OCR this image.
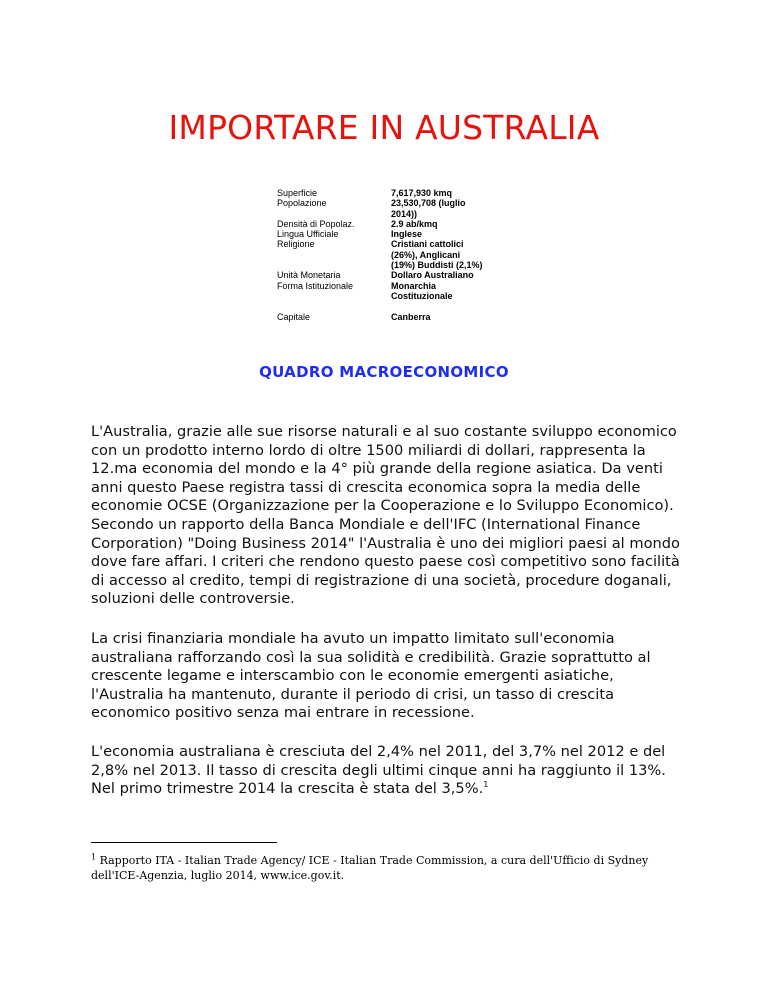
IMPORTARE IN AUSTRALIA
Superficie	7,617,930 kmq
Popolazione	23,530,708 (luglio
2014))
Densità di Popolaz.	2.9 ab/kmq
Lingua Ufficiale	Inglese
Religione	Cristiani cattolici
(26%), Anglicani
(19%) Buddisti (2,1%)
Unità Monetaria	Dollaro Australiano
Forma Istituzionale	Monarchia
Costituzionale
Capitale	Canberra
QUADRO MACROECONOMICO
L'Australia, grazie alle sue risorse naturali e al suo costante sviluppo economico con un prodotto interno lordo di oltre 1500 miliardi di dollari, rappresenta la 12.ma economia del mondo e la 4° più grande della regione asiatica. Da venti anni questo Paese registra tassi di crescita economica sopra la media delle economie OCSE (Organizzazione per la Cooperazione e lo Sviluppo Economico).
Secondo un rapporto della Banca Mondiale e dell'IFC (International Finance Corporation) "Doing Business 2014" l'Australia è uno dei migliori paesi al mondo dove fare affari. I criteri che rendono questo paese così competitivo sono facilità di accesso al credito, tempi di registrazione di una società, procedure doganali, soluzioni delle controversie.

La crisi finanziaria mondiale ha avuto un impatto limitato sull'economia australiana rafforzando così la sua solidità e credibilità. Grazie soprattutto al crescente legame e interscambio con le economie emergenti asiatiche, l'Australia ha mantenuto, durante il periodo di crisi, un tasso di crescita economico positivo senza mai entrare in recessione.

L'economia australiana è cresciuta del 2,4% nel 2011, del 3,7% nel 2012 e del 2,8% nel 2013. Il tasso di crescita degli ultimi cinque anni ha raggiunto il 13%. Nel primo trimestre 2014 la crescita è stata del 3,5%.$^1$

$^1$ Rapporto ITA - Italian Trade Agency/ ICE - Italian Trade Commission, a cura dell'Ufficio di Sydney dell'ICE-Agenzia, luglio 2014, www.ice.gov.it.
